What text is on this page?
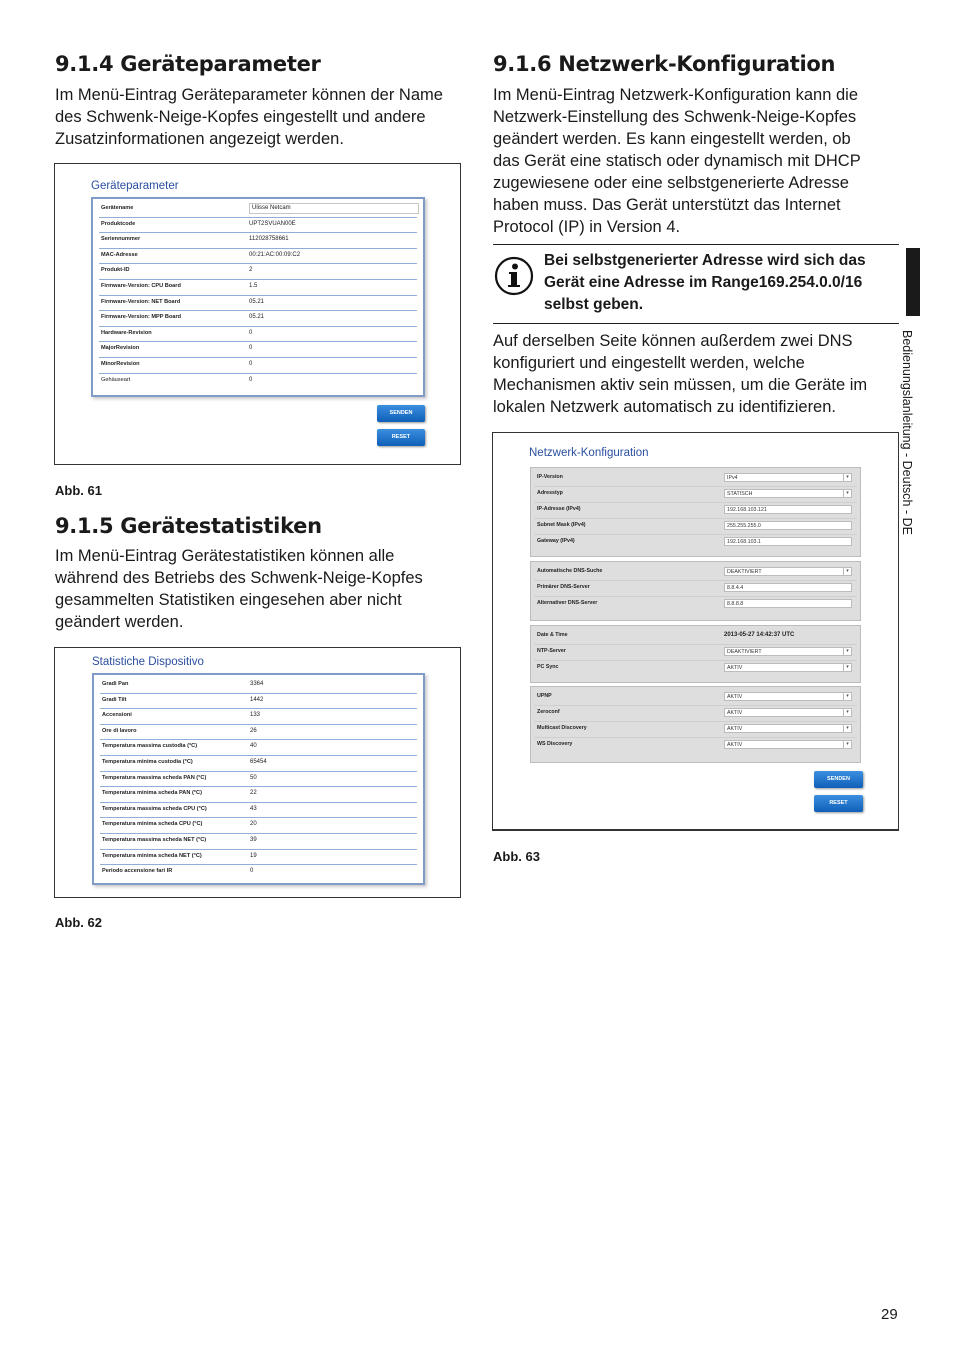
9.1.4 Geräteparameter

Im Menü-Eintrag Geräteparameter können der Name
des Schwenk-Neige-Kopfes eingestellt und andere
Zusatzinformationen angezeigt werden.

Geräteparameter
Gerätename	Ulisse Netcam
Produktcode	UPT2SVUAN00E
Seriennummer	112028758661
MAC-Adresse	00:21:AC:00:09:C2
Produkt-ID	2
Firmware-Version: CPU Board	1.5
Firmware-Version: NET Board	05.21
Firmware-Version: MPP Board	05.21
Hardware-Revision	0
MajorRevision	0
MinorRevision	0
Gehäuseart	0
SENDEN
RESET
Abb. 61
9.1.5 Gerätestatistiken

Im Menü-Eintrag Gerätestatistiken können alle
während des Betriebs des Schwenk-Neige-Kopfes
gesammelten Statistiken eingesehen aber nicht
geändert werden.

Statistiche Dispositivo
Gradi Pan	3364
Gradi Tilt	1442
Accensioni	133
Ore di lavoro	26
Temperatura massima custodia (°C)	40
Temperatura minima custodia (°C)	65454
Temperatura massima scheda PAN (°C)	50
Temperatura minima scheda PAN (°C)	22
Temperatura massima scheda CPU (°C)	43
Temperatura minima scheda CPU (°C)	20
Temperatura massima scheda NET (°C)	39
Temperatura minima scheda NET (°C)	19
Periodo accensione fari IR	0
Abb. 62
9.1.6 Netzwerk-Konfiguration

Im Menü-Eintrag Netzwerk-Konfiguration kann die
Netzwerk-Einstellung des Schwenk-Neige-Kopfes
geändert werden. Es kann eingestellt werden, ob
das Gerät eine statisch oder dynamisch mit DHCP
zugewiesene oder eine selbstgenerierte Adresse
haben muss. Das Gerät unterstützt das Internet
Protocol (IP) in Version 4.

Bei selbstgenerierter Adresse wird sich das
Gerät eine Adresse im Range169.254.0.0/16
selbst geben.

Auf derselben Seite können außerdem zwei DNS
konfiguriert und eingestellt werden, welche
Mechanismen aktiv sein müssen, um die Geräte im
lokalen Netzwerk automatisch zu identifizieren.

Netzwerk-Konfiguration
IP-Version	IPv4	▾
Adresstyp	STATISCH	▾
IP-Adresse (IPv4)	192.168.103.121
Subnet Mask (IPv4)	255.255.255.0
Gateway (IPv4)	192.168.103.1
Automatische DNS-Suche	DEAKTIVIERT	▾
Primärer DNS-Server	8.8.4.4
Alternativer DNS-Server	8.8.8.8
Date & Time	2013-05-27 14:42:37 UTC
NTP-Server	DEAKTIVIERT	▾
PC Sync	AKTIV	▾
UPNP	AKTIV	▾
Zeroconf	AKTIV	▾
Multicast Discovery	AKTIV	▾
WS Discovery	AKTIV	▾
SENDEN
RESET
Abb. 63
Bedienungslanleitung - Deutsch - DE
29
